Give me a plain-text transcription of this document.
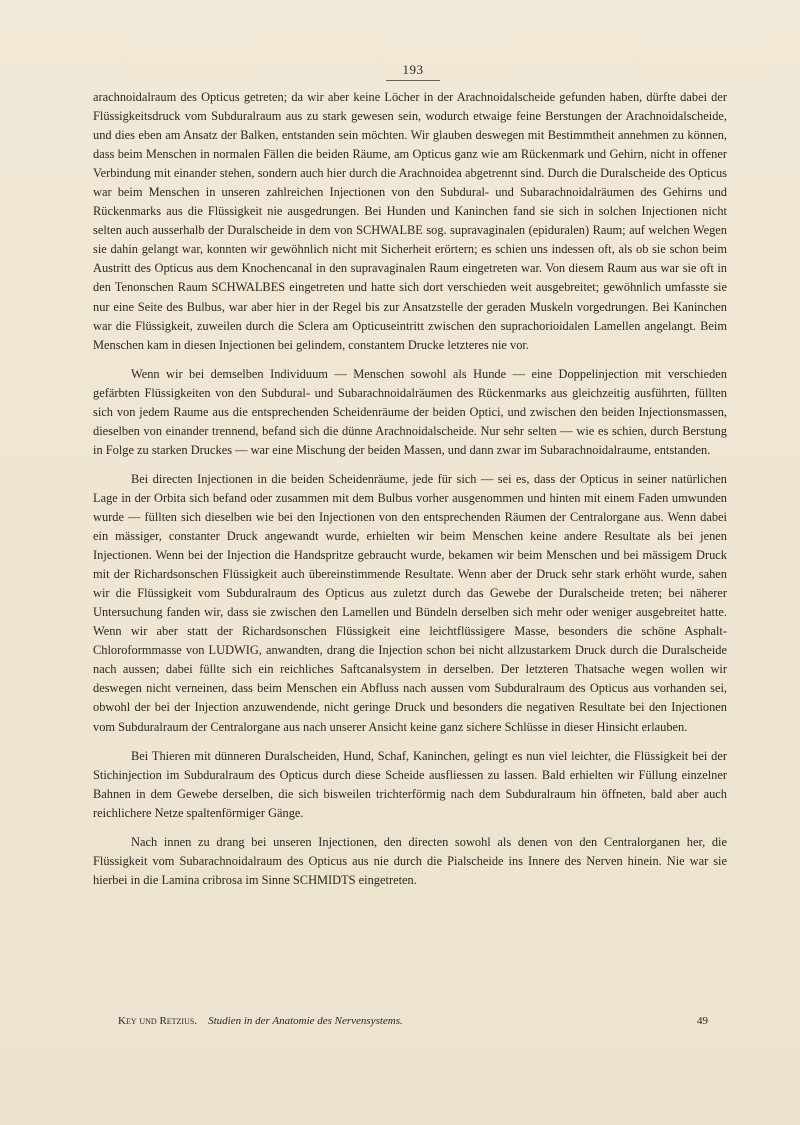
193

arachnoidalraum des Opticus getreten; da wir aber keine Löcher in der Arachnoidalscheide gefunden haben, dürfte dabei der Flüssigkeitsdruck vom Subduralraum aus zu stark gewesen sein, wodurch etwaige feine Berstungen der Arachnoidalscheide, und dies eben am Ansatz der Balken, entstanden sein möchten. Wir glauben deswegen mit Bestimmtheit annehmen zu können, dass beim Menschen in normalen Fällen die beiden Räume, am Opticus ganz wie am Rückenmark und Gehirn, nicht in offener Verbindung mit einander stehen, sondern auch hier durch die Arachnoidea abgetrennt sind. Durch die Duralscheide des Opticus war beim Menschen in unseren zahlreichen Injectionen von den Subdural- und Subarachnoidalräumen des Gehirns und Rückenmarks aus die Flüssigkeit nie ausgedrungen. Bei Hunden und Kaninchen fand sie sich in solchen Injectionen nicht selten auch ausserhalb der Duralscheide in dem von SCHWALBE sog. supravaginalen (epiduralen) Raum; auf welchen Wegen sie dahin gelangt war, konnten wir gewöhnlich nicht mit Sicherheit erörtern; es schien uns indessen oft, als ob sie schon beim Austritt des Opticus aus dem Knochencanal in den supravaginalen Raum eingetreten war. Von diesem Raum aus war sie oft in den Tenonschen Raum SCHWALBES eingetreten und hatte sich dort verschieden weit ausgebreitet; gewöhnlich umfasste sie nur eine Seite des Bulbus, war aber hier in der Regel bis zur Ansatzstelle der geraden Muskeln vorgedrungen. Bei Kaninchen war die Flüssigkeit, zuweilen durch die Sclera am Opticuseintritt zwischen den suprachorioidalen Lamellen angelangt. Beim Menschen kam in diesen Injectionen bei gelindem, constantem Drucke letzteres nie vor.

Wenn wir bei demselben Individuum — Menschen sowohl als Hunde — eine Doppelinjection mit verschieden gefärbten Flüssigkeiten von den Subdural- und Subarachnoidalräumen des Rückenmarks aus gleichzeitig ausführten, füllten sich von jedem Raume aus die entsprechenden Scheidenräume der beiden Optici, und zwischen den beiden Injectionsmassen, dieselben von einander trennend, befand sich die dünne Arachnoidalscheide. Nur sehr selten — wie es schien, durch Berstung in Folge zu starken Druckes — war eine Mischung der beiden Massen, und dann zwar im Subarachnoidalraume, entstanden.

Bei directen Injectionen in die beiden Scheidenräume, jede für sich — sei es, dass der Opticus in seiner natürlichen Lage in der Orbita sich befand oder zusammen mit dem Bulbus vorher ausgenommen und hinten mit einem Faden umwunden wurde — füllten sich dieselben wie bei den Injectionen von den entsprechenden Räumen der Centralorgane aus. Wenn dabei ein mässiger, constanter Druck angewandt wurde, erhielten wir beim Menschen keine andere Resultate als bei jenen Injectionen. Wenn bei der Injection die Handspritze gebraucht wurde, bekamen wir beim Menschen und bei mässigem Druck mit der Richardsonschen Flüssigkeit auch übereinstimmende Resultate. Wenn aber der Druck sehr stark erhöht wurde, sahen wir die Flüssigkeit vom Subduralraum des Opticus aus zuletzt durch das Gewebe der Duralscheide treten; bei näherer Untersuchung fanden wir, dass sie zwischen den Lamellen und Bündeln derselben sich mehr oder weniger ausgebreitet hatte. Wenn wir aber statt der Richardsonschen Flüssigkeit eine leichtflüssigere Masse, besonders die schöne Asphalt-Chloroformmasse von LUDWIG, anwandten, drang die Injection schon bei nicht allzustarkem Druck durch die Duralscheide nach aussen; dabei füllte sich ein reichliches Saftcanalsystem in derselben. Der letzteren Thatsache wegen wollen wir deswegen nicht verneinen, dass beim Menschen ein Abfluss nach aussen vom Subduralraum des Opticus aus vorhanden sei, obwohl der bei der Injection anzuwendende, nicht geringe Druck und besonders die negativen Resultate bei den Injectionen vom Subduralraum der Centralorgane aus nach unserer Ansicht keine ganz sichere Schlüsse in dieser Hinsicht erlauben.

Bei Thieren mit dünneren Duralscheiden, Hund, Schaf, Kaninchen, gelingt es nun viel leichter, die Flüssigkeit bei der Stichinjection im Subduralraum des Opticus durch diese Scheide ausfliessen zu lassen. Bald erhielten wir Füllung einzelner Bahnen in dem Gewebe derselben, die sich bisweilen trichterförmig nach dem Subduralraum hin öffneten, bald aber auch reichlichere Netze spaltenförmiger Gänge.

Nach innen zu drang bei unseren Injectionen, den directen sowohl als denen von den Centralorganen her, die Flüssigkeit vom Subarachnoidalraum des Opticus aus nie durch die Pialscheide ins Innere des Nerven hinein. Nie war sie hierbei in die Lamina cribrosa im Sinne SCHMIDTS eingetreten.

Key und Retzius. Studien in der Anatomie des Nervensystems.	49
